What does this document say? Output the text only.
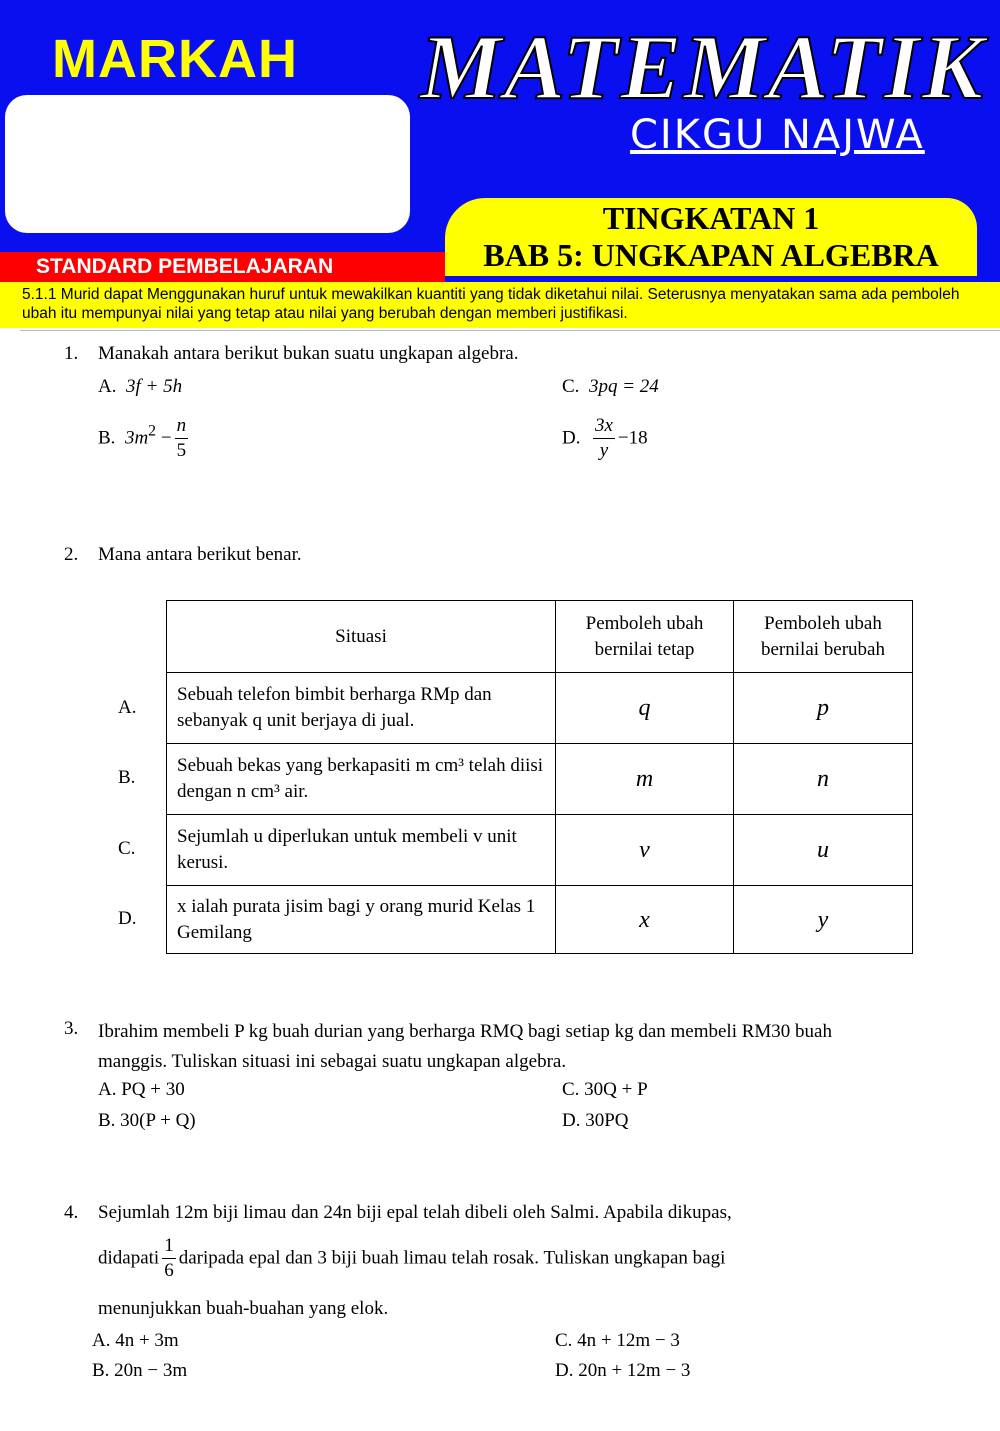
MARKAH MATEMATIK
CIKGU NAJWA
TINGKATAN 1
BAB 5: UNGKAPAN ALGEBRA
STANDARD PEMBELAJARAN
5.1.1 Murid dapat Menggunakan huruf untuk mewakilkan kuantiti yang tidak diketahui nilai. Seterusnya menyatakan sama ada pemboleh ubah itu mempunyai nilai yang tetap atau nilai yang berubah dengan memberi justifikasi.
1. Manakah antara berikut bukan suatu ungkapan algebra.
A. 3f + 5h	C. 3pq = 24
B. $3m^2 - \frac{n}{5}$	D. $\frac{3x}{y} -18$
2. Mana antara berikut benar.
A.
B.
C.
D.
Situasi	Pemboleh ubah bernilai tetap	Pemboleh ubah bernilai berubah
Sebuah telefon bimbit berharga RMp dan sebanyak q unit berjaya di jual.	q	p
Sebuah bekas yang berkapasiti m cm³ telah diisi dengan n cm³ air.	m	n
Sejumlah u diperlukan untuk membeli v unit kerusi.	v	u
x ialah purata jisim bagi y orang murid Kelas 1 Gemilang	x	y
3. Ibrahim membeli P kg buah durian yang berharga RMQ bagi setiap kg dan membeli RM30 buah manggis. Tuliskan situasi ini sebagai suatu ungkapan algebra.
A. PQ + 30
B. 30(P + Q)
C. 30Q + P
D. 30PQ
4. Sejumlah 12m biji limau dan 24n biji epal telah dibeli oleh Salmi. Apabila dikupas,
didapati $\frac{1}{6}$ daripada epal dan 3 biji buah limau telah rosak. Tuliskan ungkapan bagi
menunjukkan buah-buahan yang elok.
A. 4n + 3m
B. 20n − 3m
C. 4n + 12m − 3
D. 20n + 12m − 3
